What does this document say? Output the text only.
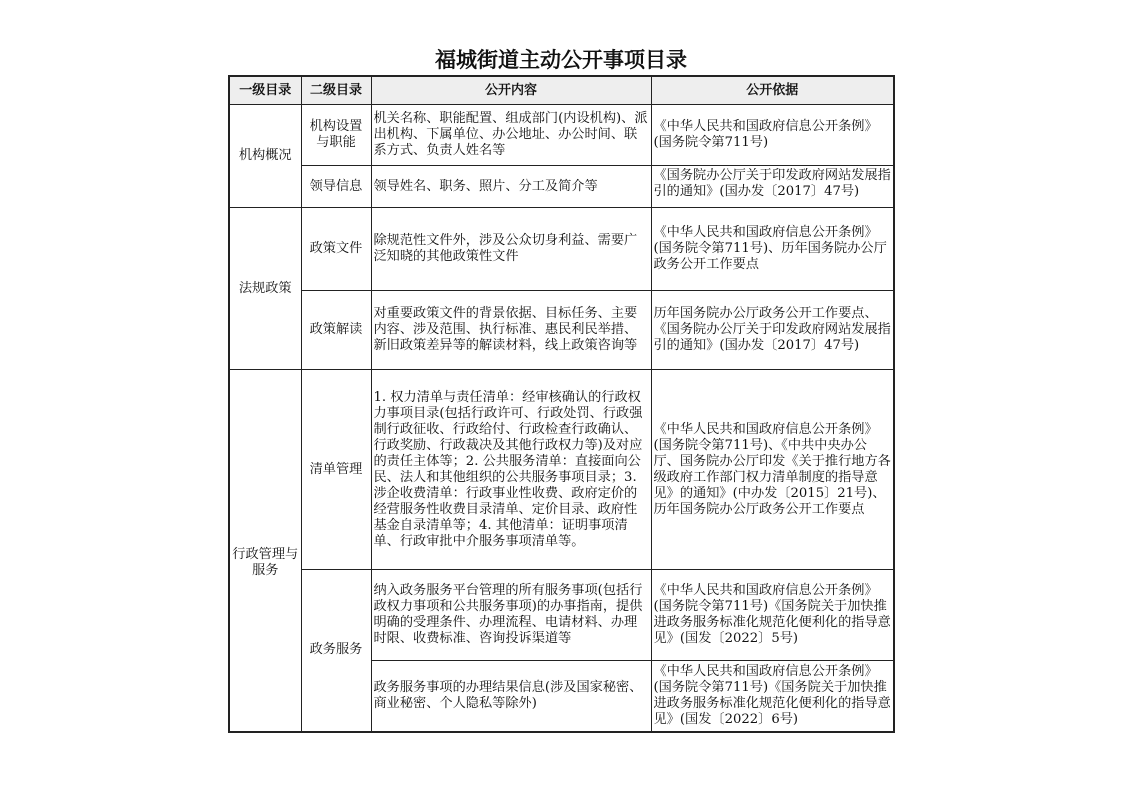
福城街道主动公开事项目录
一级目录	二级目录	公开内容	公开依据
机构概况	机构设置与职能	机关名称、职能配置、组成部门(内设机构)、派出机构、下属单位、办公地址、办公时间、联系方式、负责人姓名等	《中华人民共和国政府信息公开条例》(国务院令第711号)
	领导信息	领导姓名、职务、照片、分工及简介等	《国务院办公厅关于印发政府网站发展指引的通知》(国办发〔2017〕47号)

法规政策	政策文件	除规范性文件外，涉及公众切身利益、需要广泛知晓的其他政策性文件	《中华人民共和国政府信息公开条例》(国务院令第711号)、历年国务院办公厅政务公开工作要点
	政策解读	对重要政策文件的背景依据、目标任务、主要内容、涉及范围、执行标准、惠民利民举措、新旧政策差异等的解读材料，线上政策咨询等	历年国务院办公厅政务公开工作要点、《国务院办公厅关于印发政府网站发展指引的通知》(国办发〔2017〕47号)

行政管理与服务	清单管理	1. 权力清单与责任清单：经审核确认的行政权力事项目录(包括行政许可、行政处罚、行政强制行政征收、行政给付、行政检查行政确认、行政奖励、行政裁决及其他行政权力等)及对应的责任主体等；2. 公共服务清单：直接面向公民、法人和其他组织的公共服务事项目录；3. 涉企收费清单：行政事业性收费、政府定价的经营服务性收费目录清单、定价目录、政府性基金自录清单等；4. 其他清单：证明事项清单、行政审批中介服务事项清单等。	《中华人民共和国政府信息公开条例》(国务院令第711号)、《中共中央办公厅、国务院办公厅印发《关于推行地方各级政府工作部门权力清单制度的指导意见》的通知》(中办发〔2015〕21号)、历年国务院办公厅政务公开工作要点
	政务服务	纳入政务服务平台管理的所有服务事项(包括行政权力事项和公共服务事项)的办事指南，提供明确的受理条件、办理流程、电请材料、办理时限、收费标准、咨询投诉渠道等	《中华人民共和国政府信息公开条例》(国务院令第711号)《国务院关于加快推进政务服务标准化规范化便利化的指导意见》(国发〔2022〕5号)
		政务服务事项的办理结果信息(涉及国家秘密、商业秘密、个人隐私等除外)	《中华人民共和国政府信息公开条例》(国务院令第711号)《国务院关于加快推进政务服务标准化规范化便利化的指导意见》(国发〔2022〕6号)
